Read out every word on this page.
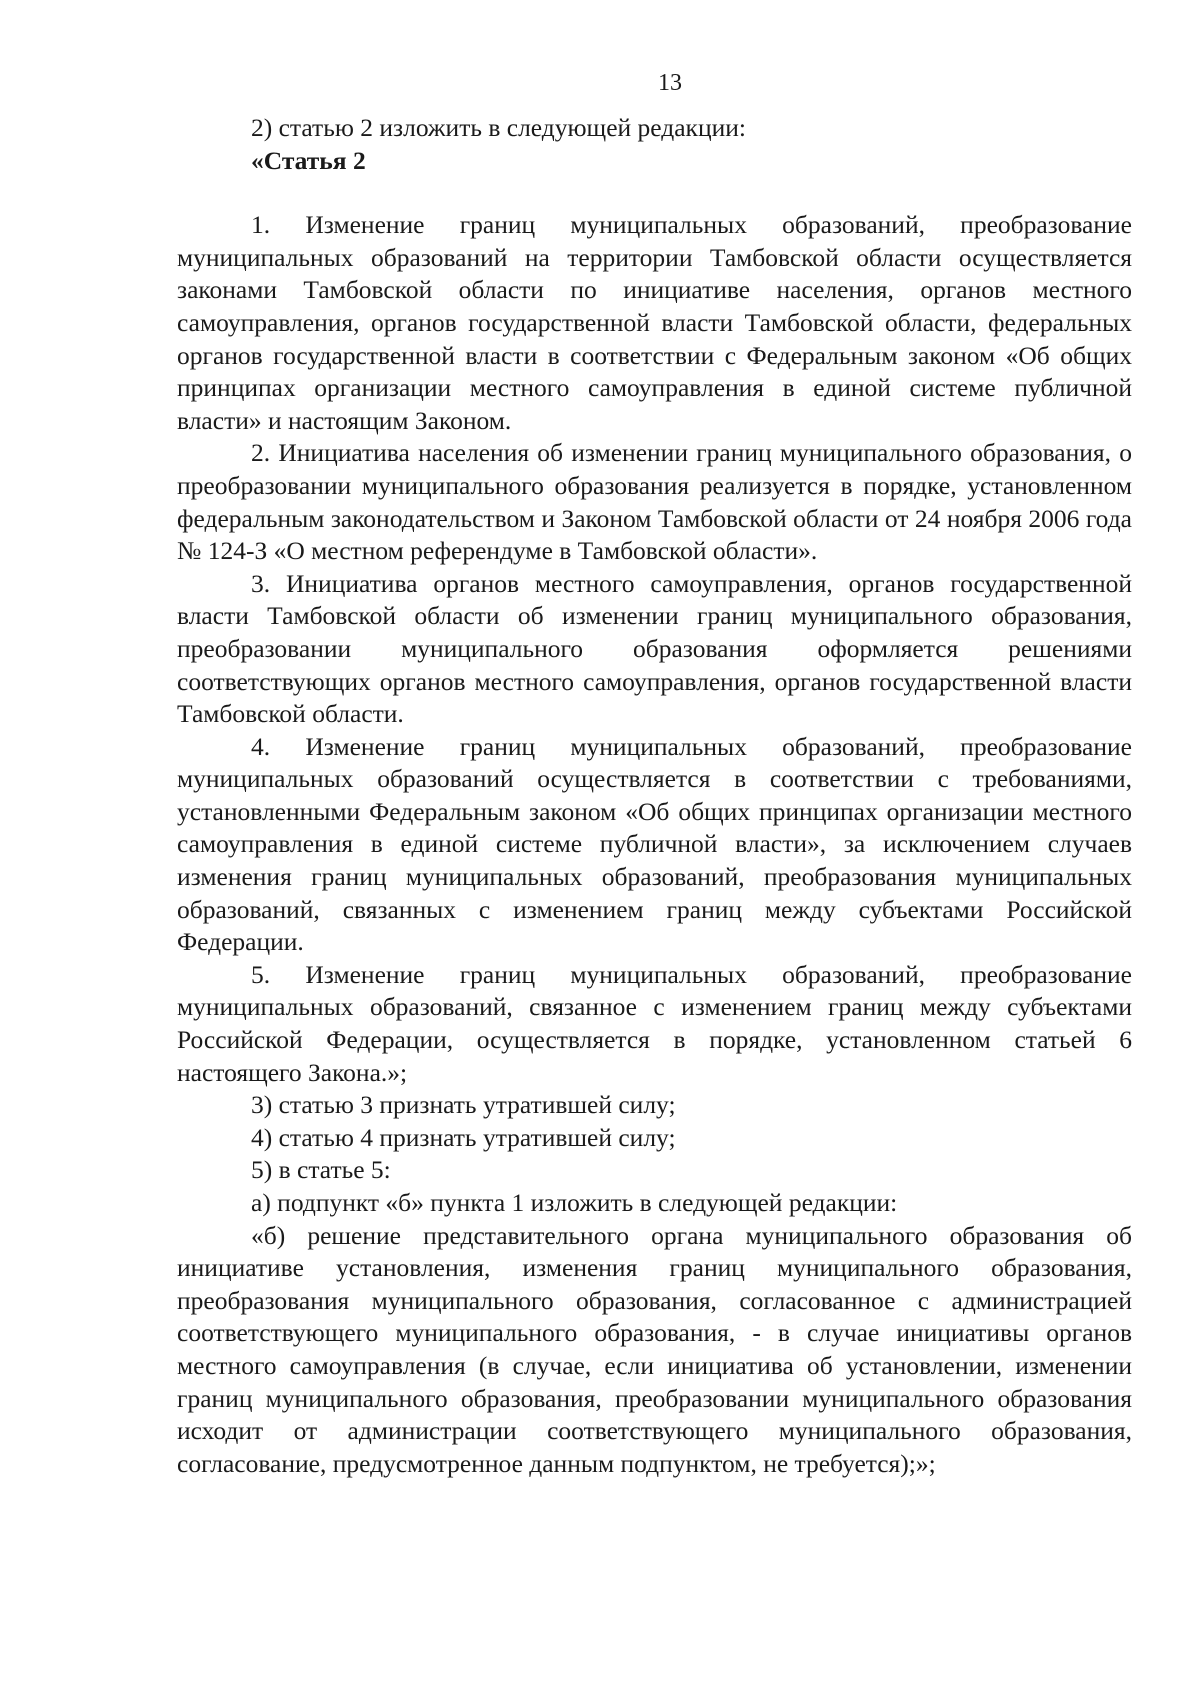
13

2) статью 2 изложить в следующей редакции:

«Статья 2

1. Изменение границ муниципальных образований, преобразование муниципальных образований на территории Тамбовской области осуществляется законами Тамбовской области по инициативе населения, органов местного самоуправления, органов государственной власти Тамбовской области, федеральных органов государственной власти в соответствии с Федеральным законом «Об общих принципах организации местного самоуправления в единой системе публичной власти» и настоящим Законом.

2. Инициатива населения об изменении границ муниципального образования, о преобразовании муниципального образования реализуется в порядке, установленном федеральным законодательством и Законом Тамбовской области от 24 ноября 2006 года № 124-З «О местном референдуме в Тамбовской области».

3. Инициатива органов местного самоуправления, органов государственной власти Тамбовской области об изменении границ муниципального образования, преобразовании муниципального образования оформляется решениями соответствующих органов местного самоуправления, органов государственной власти Тамбовской области.

4. Изменение границ муниципальных образований, преобразование муниципальных образований осуществляется в соответствии с требованиями, установленными Федеральным законом «Об общих принципах организации местного самоуправления в единой системе публичной власти», за исключением случаев изменения границ муниципальных образований, преобразования муниципальных образований, связанных с изменением границ между субъектами Российской Федерации.

5. Изменение границ муниципальных образований, преобразование муниципальных образований, связанное с изменением границ между субъектами Российской Федерации, осуществляется в порядке, установленном статьей 6 настоящего Закона.»;

3) статью 3 признать утратившей силу;

4) статью 4 признать утратившей силу;

5) в статье 5:

а) подпункт «б» пункта 1 изложить в следующей редакции:

«б) решение представительного органа муниципального образования об инициативе установления, изменения границ муниципального образования, преобразования муниципального образования, согласованное с администрацией соответствующего муниципального образования, - в случае инициативы органов местного самоуправления (в случае, если инициатива об установлении, изменении границ муниципального образования, преобразовании муниципального образования исходит от администрации соответствующего муниципального образования, согласование, предусмотренное данным подпунктом, не требуется);»;
